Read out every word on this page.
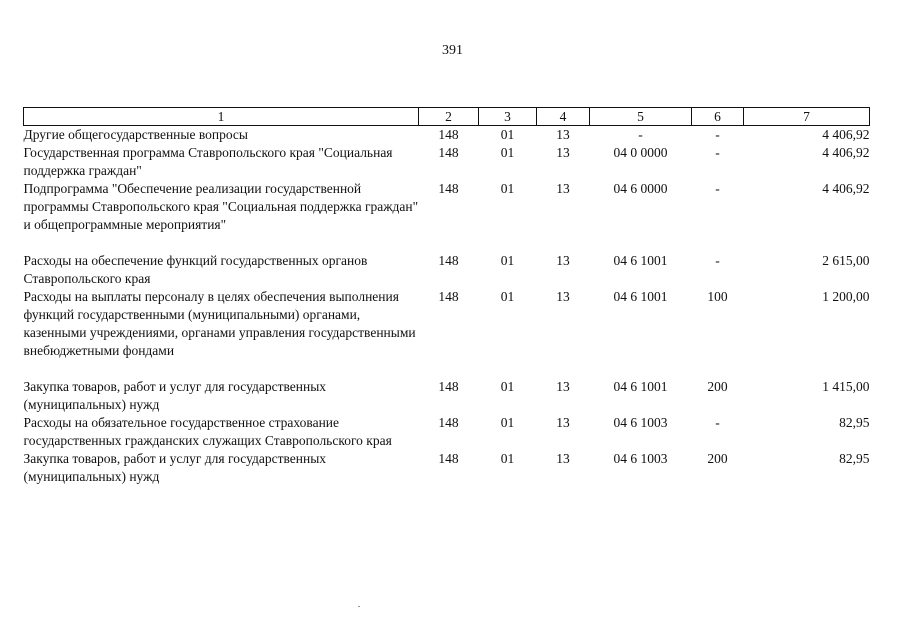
391
1	2	3	4	5	6	7
Другие общегосударственные вопросы	148	01	13	-	-	4 406,92
Государственная программа Ставропольского края "Социальная поддержка граждан"	148	01	13	04 0 0000	-	4 406,92
Подпрограмма "Обеспечение реализации государственной программы Ставропольского края "Социальная поддержка граждан" и общепрограммные мероприятия"	148	01	13	04 6 0000	-	4 406,92
Расходы на обеспечение функций государственных органов Ставропольского края	148	01	13	04 6 1001	-	2 615,00
Расходы на выплаты персоналу в целях обеспечения выполнения функций государственными (муниципальными) органами, казенными учреждениями, органами управления государственными внебюджетными фондами	148	01	13	04 6 1001	100	1 200,00
Закупка товаров, работ и услуг для государственных (муниципальных) нужд	148	01	13	04 6 1001	200	1 415,00
Расходы на обязательное государственное страхование государственных гражданских служащих Ставропольского края	148	01	13	04 6 1003	-	82,95
Закупка товаров, работ и услуг для государственных (муниципальных) нужд	148	01	13	04 6 1003	200	82,95
